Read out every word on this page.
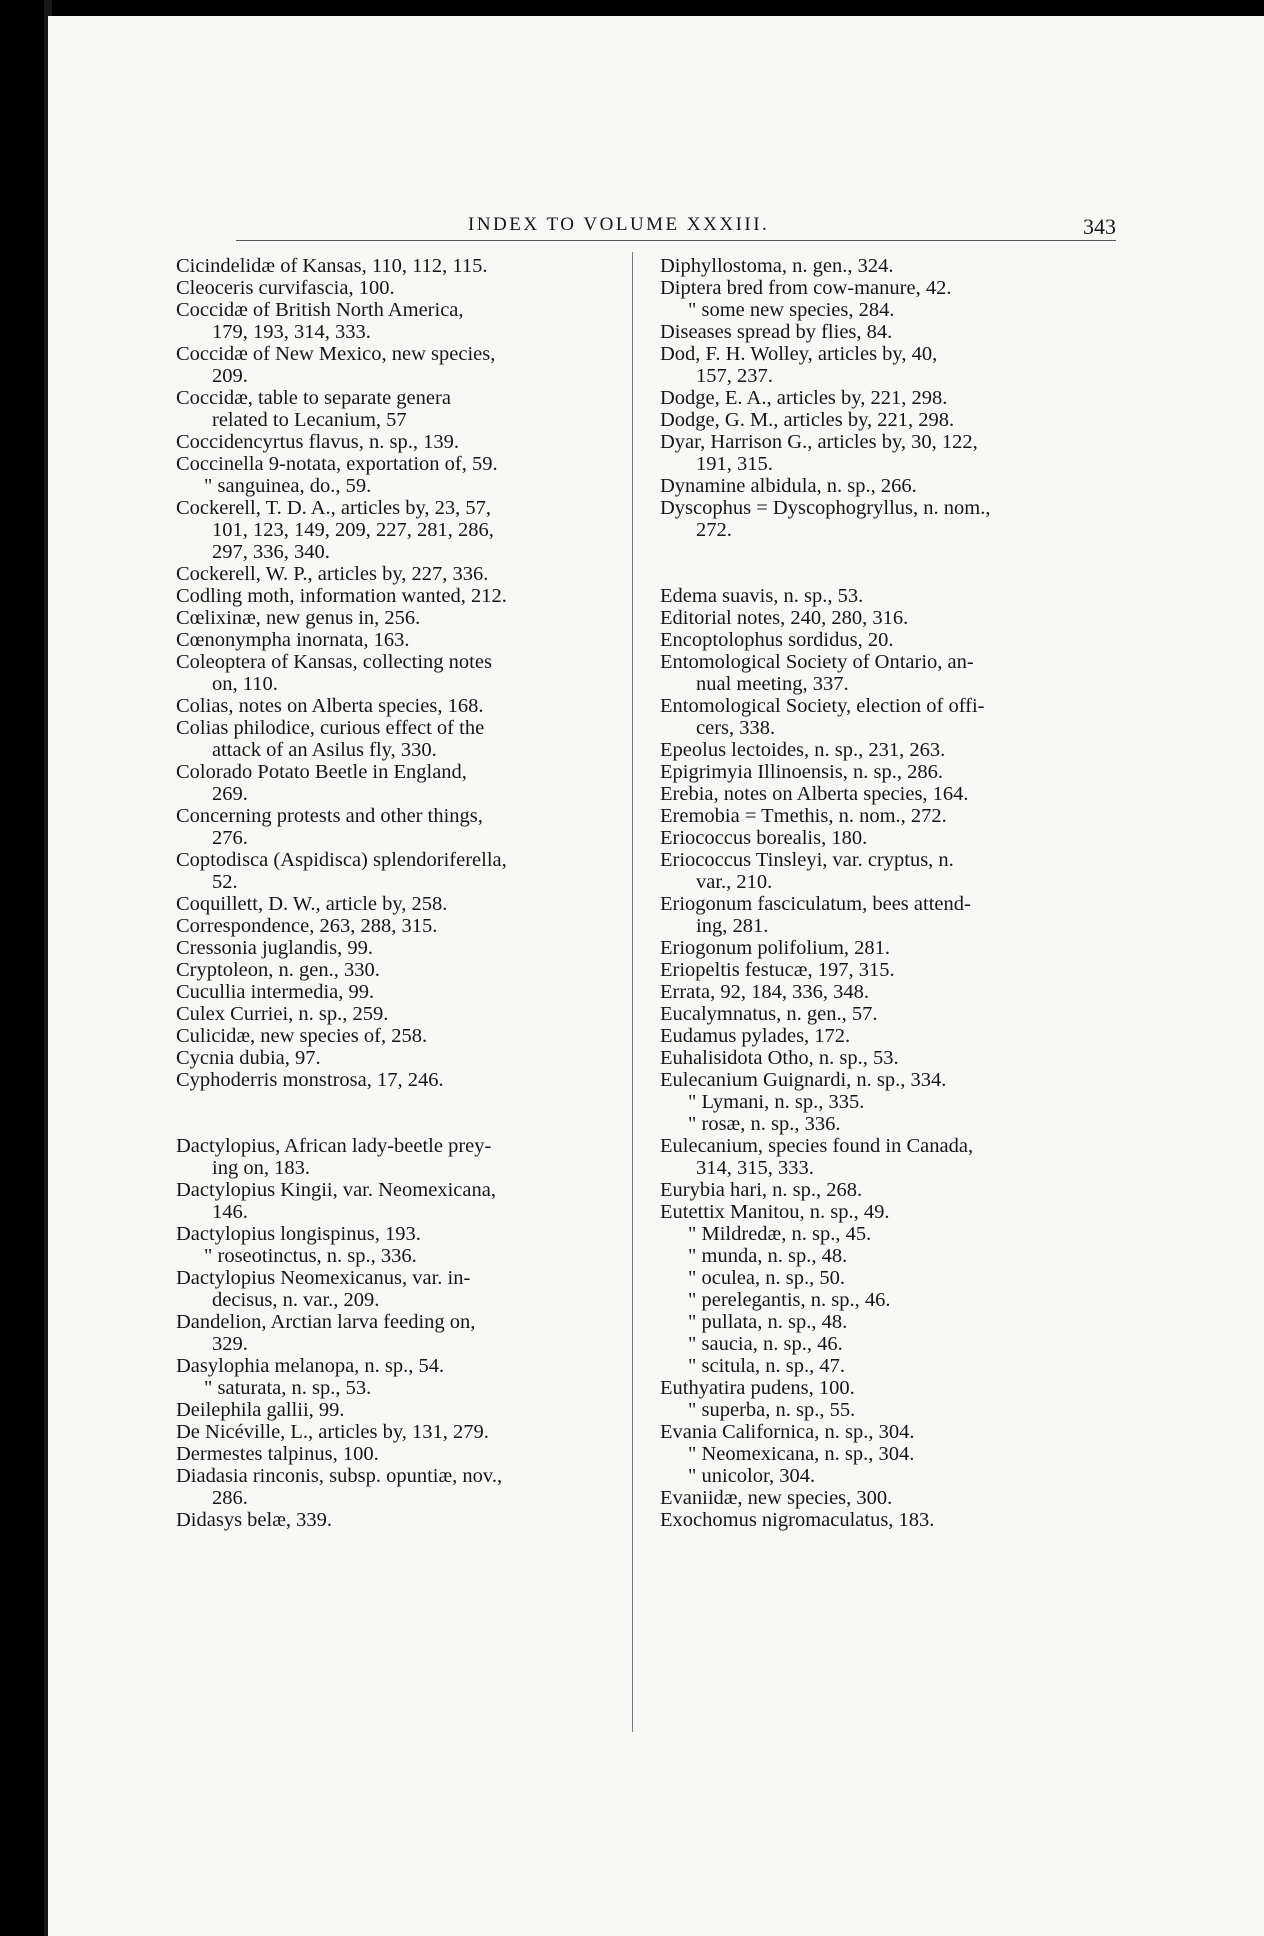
INDEX TO VOLUME XXXIII.	343
Cicindelidæ of Kansas, 110, 112, 115.
Cleoceris curvifascia, 100.
Coccidæ of British North America,
179, 193, 314, 333.
Coccidæ of New Mexico, new species,
209.
Coccidæ, table to separate genera
related to Lecanium, 57
Coccidencyrtus flavus, n. sp., 139.
Coccinella 9-notata, exportation of, 59.
" sanguinea, do., 59.
Cockerell, T. D. A., articles by, 23, 57,
101, 123, 149, 209, 227, 281, 286,
297, 336, 340.
Cockerell, W. P., articles by, 227, 336.
Codling moth, information wanted, 212.
Cœlixinæ, new genus in, 256.
Cœnonympha inornata, 163.
Coleoptera of Kansas, collecting notes
on, 110.
Colias, notes on Alberta species, 168.
Colias philodice, curious effect of the
attack of an Asilus fly, 330.
Colorado Potato Beetle in England,
269.
Concerning protests and other things,
276.
Coptodisca (Aspidisca) splendoriferella,
52.
Coquillett, D. W., article by, 258.
Correspondence, 263, 288, 315.
Cressonia juglandis, 99.
Cryptoleon, n. gen., 330.
Cucullia intermedia, 99.
Culex Curriei, n. sp., 259.
Culicidæ, new species of, 258.
Cycnia dubia, 97.
Cyphoderris monstrosa, 17, 246.
Dactylopius, African lady-beetle prey-
ing on, 183.
Dactylopius Kingii, var. Neomexicana,
146.
Dactylopius longispinus, 193.
" roseotinctus, n. sp., 336.
Dactylopius Neomexicanus, var. in-
decisus, n. var., 209.
Dandelion, Arctian larva feeding on,
329.
Dasylophia melanopa, n. sp., 54.
" saturata, n. sp., 53.
Deilephila gallii, 99.
De Nicéville, L., articles by, 131, 279.
Dermestes talpinus, 100.
Diadasia rinconis, subsp. opuntiæ, nov.,
286.
Didasys belæ, 339.
Diphyllostoma, n. gen., 324.
Diptera bred from cow-manure, 42.
" some new species, 284.
Diseases spread by flies, 84.
Dod, F. H. Wolley, articles by, 40,
157, 237.
Dodge, E. A., articles by, 221, 298.
Dodge, G. M., articles by, 221, 298.
Dyar, Harrison G., articles by, 30, 122,
191, 315.
Dynamine albidula, n. sp., 266.
Dyscophus = Dyscophogryllus, n. nom.,
272.
Edema suavis, n. sp., 53.
Editorial notes, 240, 280, 316.
Encoptolophus sordidus, 20.
Entomological Society of Ontario, an-
nual meeting, 337.
Entomological Society, election of offi-
cers, 338.
Epeolus lectoides, n. sp., 231, 263.
Epigrimyia Illinoensis, n. sp., 286.
Erebia, notes on Alberta species, 164.
Eremobia = Tmethis, n. nom., 272.
Eriococcus borealis, 180.
Eriococcus Tinsleyi, var. cryptus, n.
var., 210.
Eriogonum fasciculatum, bees attend-
ing, 281.
Eriogonum polifolium, 281.
Eriopeltis festucæ, 197, 315.
Errata, 92, 184, 336, 348.
Eucalymnatus, n. gen., 57.
Eudamus pylades, 172.
Euhalisidota Otho, n. sp., 53.
Eulecanium Guignardi, n. sp., 334.
" Lymani, n. sp., 335.
" rosæ, n. sp., 336.
Eulecanium, species found in Canada,
314, 315, 333.
Eurybia hari, n. sp., 268.
Eutettix Manitou, n. sp., 49.
" Mildredæ, n. sp., 45.
" munda, n. sp., 48.
" oculea, n. sp., 50.
" perelegantis, n. sp., 46.
" pullata, n. sp., 48.
" saucia, n. sp., 46.
" scitula, n. sp., 47.
Euthyatira pudens, 100.
" superba, n. sp., 55.
Evania Californica, n. sp., 304.
" Neomexicana, n. sp., 304.
" unicolor, 304.
Evaniidæ, new species, 300.
Exochomus nigromaculatus, 183.
